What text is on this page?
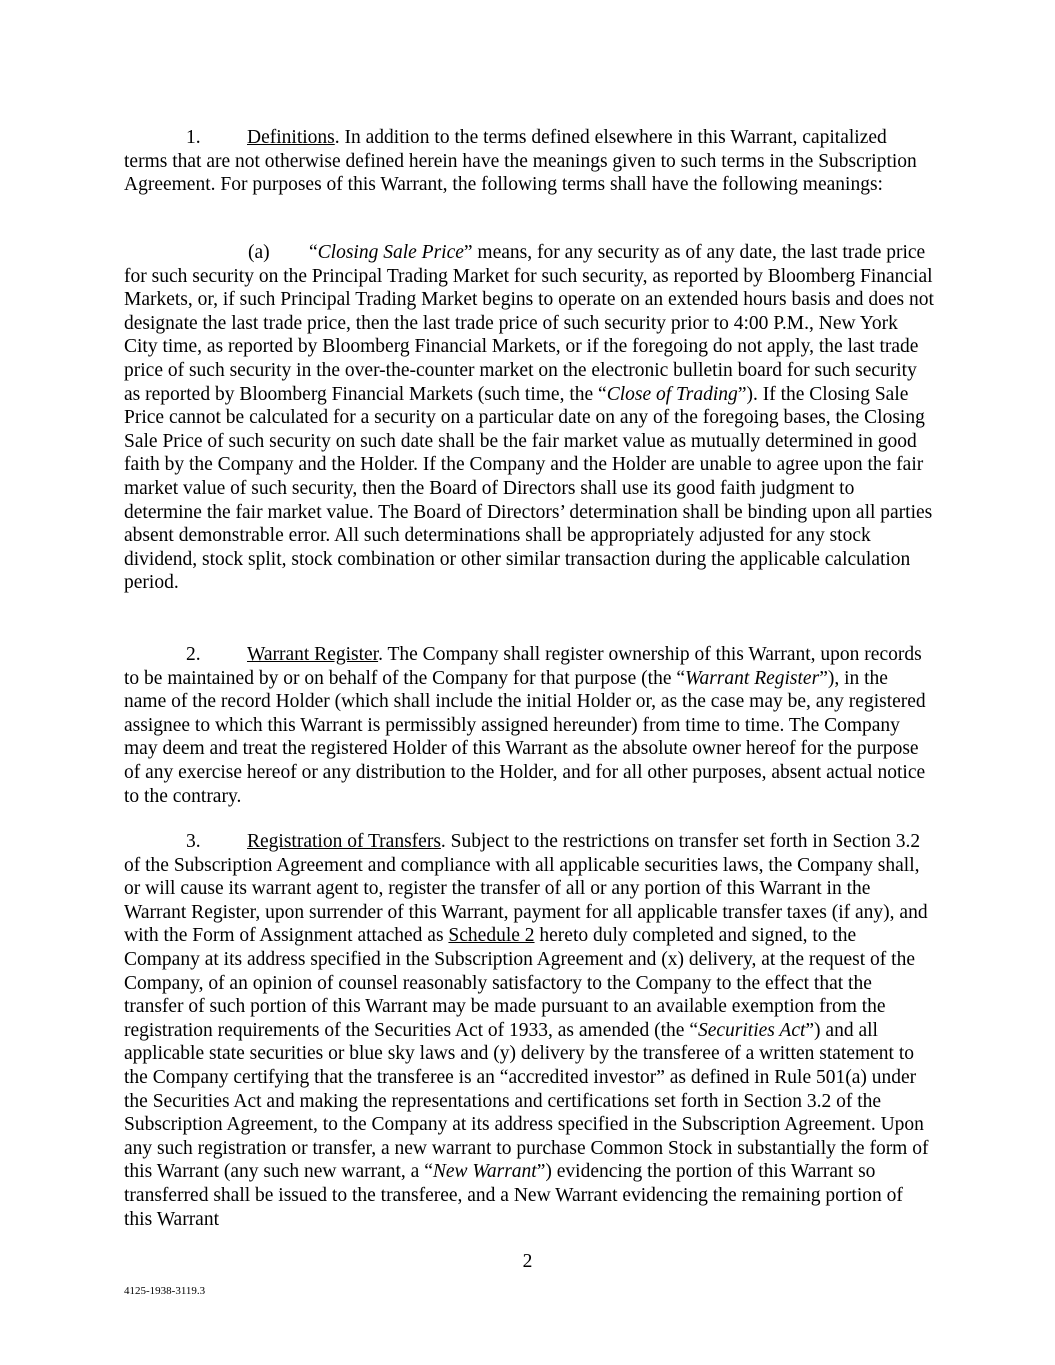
1. Definitions. In addition to the terms defined elsewhere in this Warrant, capitalized terms that are not otherwise defined herein have the meanings given to such terms in the Subscription Agreement. For purposes of this Warrant, the following terms shall have the following meanings:

(a) “Closing Sale Price” means, for any security as of any date, the last trade price for such security on the Principal Trading Market for such security, as reported by Bloomberg Financial Markets, or, if such Principal Trading Market begins to operate on an extended hours basis and does not designate the last trade price, then the last trade price of such security prior to 4:00 P.M., New York City time, as reported by Bloomberg Financial Markets, or if the foregoing do not apply, the last trade price of such security in the over-the-counter market on the electronic bulletin board for such security as reported by Bloomberg Financial Markets (such time, the “Close of Trading”). If the Closing Sale Price cannot be calculated for a security on a particular date on any of the foregoing bases, the Closing Sale Price of such security on such date shall be the fair market value as mutually determined in good faith by the Company and the Holder. If the Company and the Holder are unable to agree upon the fair market value of such security, then the Board of Directors shall use its good faith judgment to determine the fair market value. The Board of Directors’ determination shall be binding upon all parties absent demonstrable error. All such determinations shall be appropriately adjusted for any stock dividend, stock split, stock combination or other similar transaction during the applicable calculation period.

2. Warrant Register. The Company shall register ownership of this Warrant, upon records to be maintained by or on behalf of the Company for that purpose (the “Warrant Register”), in the name of the record Holder (which shall include the initial Holder or, as the case may be, any registered assignee to which this Warrant is permissibly assigned hereunder) from time to time. The Company may deem and treat the registered Holder of this Warrant as the absolute owner hereof for the purpose of any exercise hereof or any distribution to the Holder, and for all other purposes, absent actual notice to the contrary.

3. Registration of Transfers. Subject to the restrictions on transfer set forth in Section 3.2 of the Subscription Agreement and compliance with all applicable securities laws, the Company shall, or will cause its warrant agent to, register the transfer of all or any portion of this Warrant in the Warrant Register, upon surrender of this Warrant, payment for all applicable transfer taxes (if any), and with the Form of Assignment attached as Schedule 2 hereto duly completed and signed, to the Company at its address specified in the Subscription Agreement and (x) delivery, at the request of the Company, of an opinion of counsel reasonably satisfactory to the Company to the effect that the transfer of such portion of this Warrant may be made pursuant to an available exemption from the registration requirements of the Securities Act of 1933, as amended (the “Securities Act”) and all applicable state securities or blue sky laws and (y) delivery by the transferee of a written statement to the Company certifying that the transferee is an “accredited investor” as defined in Rule 501(a) under the Securities Act and making the representations and certifications set forth in Section 3.2 of the Subscription Agreement, to the Company at its address specified in the Subscription Agreement. Upon any such registration or transfer, a new warrant to purchase Common Stock in substantially the form of this Warrant (any such new warrant, a “New Warrant”) evidencing the portion of this Warrant so transferred shall be issued to the transferee, and a New Warrant evidencing the remaining portion of this Warrant

2
4125-1938-3119.3
